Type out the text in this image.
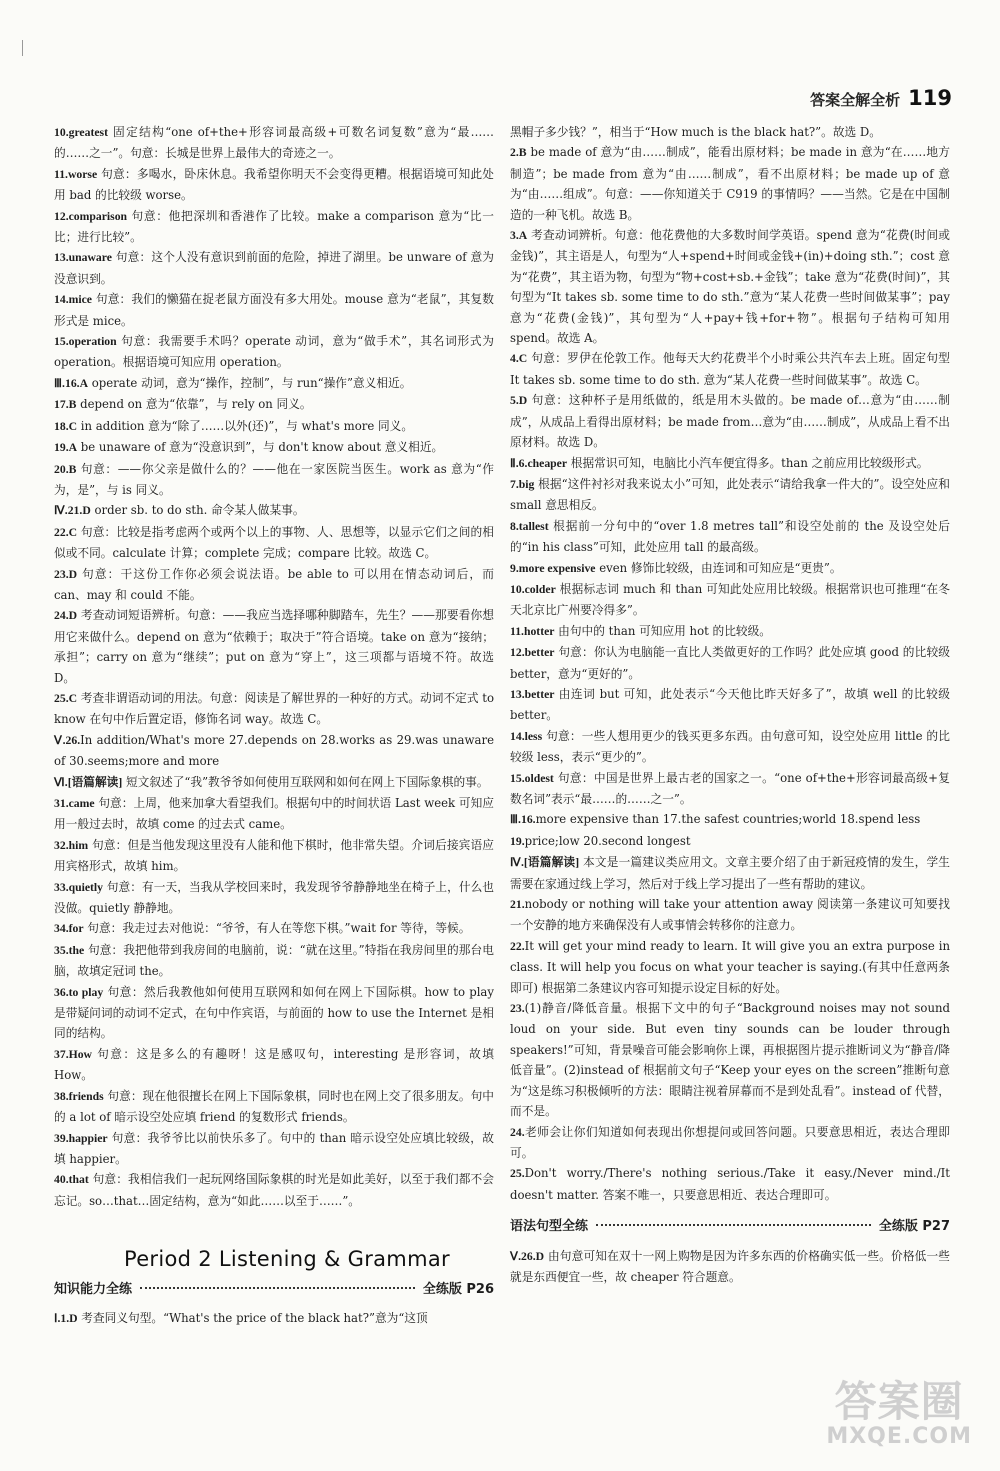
答案全解全析 119

10.greatest 固定结构“one of+the+形容词最高级+可数名词复数”意为“最……的……之一”。句意：长城是世界上最伟大的奇迹之一。

11.worse 句意：多喝水，卧床休息。我希望你明天不会变得更糟。根据语境可知此处用 bad 的比较级 worse。

12.comparison 句意：他把深圳和香港作了比较。make a comparison 意为“比一比；进行比较”。

13.unaware 句意：这个人没有意识到前面的危险，掉进了湖里。be unware of 意为没意识到。

14.mice 句意：我们的懒猫在捉老鼠方面没有多大用处。mouse 意为“老鼠”，其复数形式是 mice。

15.operation 句意：我需要手术吗？operate 动词，意为“做手术”，其名词形式为 operation。根据语境可知应用 operation。

Ⅲ.16.A operate 动词，意为“操作，控制”，与 run“操作”意义相近。

17.B depend on 意为“依靠”，与 rely on 同义。

18.C in addition 意为“除了……以外(还)”，与 what's more 同义。

19.A be unaware of 意为“没意识到”，与 don't know about 意义相近。

20.B 句意：——你父亲是做什么的？——他在一家医院当医生。work as 意为“作为，是”，与 is 同义。

Ⅳ.21.D order sb. to do sth. 命令某人做某事。

22.C 句意：比较是指考虑两个或两个以上的事物、人、思想等，以显示它们之间的相似或不同。calculate 计算；complete 完成；compare 比较。故选 C。

23.D 句意：干这份工作你必须会说法语。be able to 可以用在情态动词后，而 can、may 和 could 不能。

24.D 考查动词短语辨析。句意：——我应当选择哪种脚踏车，先生？——那要看你想用它来做什么。depend on 意为“依赖于；取决于”符合语境。take on 意为“接纳；承担”；carry on 意为“继续”；put on 意为“穿上”，这三项都与语境不符。故选 D。

25.C 考查非谓语动词的用法。句意：阅读是了解世界的一种好的方式。动词不定式 to know 在句中作后置定语，修饰名词 way。故选 C。

Ⅴ.26.In addition/What's more 27.depends on 28.works as 29.was unaware of 30.seems;more and more

Ⅵ.[语篇解读] 短文叙述了“我”教爷爷如何使用互联网和如何在网上下国际象棋的事。

31.came 句意：上周，他来加拿大看望我们。根据句中的时间状语 Last week 可知应用一般过去时，故填 come 的过去式 came。

32.him 句意：但是当他发现这里没有人能和他下棋时，他非常失望。介词后接宾语应用宾格形式，故填 him。

33.quietly 句意：有一天，当我从学校回来时，我发现爷爷静静地坐在椅子上，什么也没做。quietly 静静地。

34.for 句意：我走过去对他说：“爷爷，有人在等您下棋。”wait for 等待，等候。

35.the 句意：我把他带到我房间的电脑前，说：“就在这里。”特指在我房间里的那台电脑，故填定冠词 the。

36.to play 句意：然后我教他如何使用互联网和如何在网上下国际棋。how to play 是带疑问词的动词不定式，在句中作宾语，与前面的 how to use the Internet 是相同的结构。

37.How 句意：这是多么的有趣呀！这是感叹句，interesting 是形容词，故填 How。

38.friends 句意：现在他很擅长在网上下国际象棋，同时也在网上交了很多朋友。句中的 a lot of 暗示设空处应填 friend 的复数形式 friends。

39.happier 句意：我爷爷比以前快乐多了。句中的 than 暗示设空处应填比较级，故填 happier。

40.that 句意：我相信我们一起玩网络国际象棋的时光是如此美好，以至于我们都不会忘记。so…that…固定结构，意为“如此……以至于……”。

Period 2 Listening & Grammar
知识能力全练	全练版 P26

Ⅰ.1.D 考查同义句型。“What's the price of the black hat?”意为“这顶

黑帽子多少钱？”，相当于“How much is the black hat?”。故选 D。

2.B be made of 意为“由……制成”，能看出原材料；be made in 意为“在……地方制造”；be made from 意为“由……制成”，看不出原材料；be made up of 意为“由……组成”。句意：——你知道关于 C919 的事情吗？——当然。它是在中国制造的一种飞机。故选 B。

3.A 考查动词辨析。句意：他花费他的大多数时间学英语。spend 意为“花费(时间或金钱)”，其主语是人，句型为“人+spend+时间或金钱+(in)+doing sth.”；cost 意为“花费”，其主语为物，句型为“物+cost+sb.+金钱”；take 意为“花费(时间)”，其句型为“It takes sb. some time to do sth.”意为“某人花费一些时间做某事”；pay 意为“花费(金钱)”，其句型为“人+pay+钱+for+物”。根据句子结构可知用 spend。故选 A。

4.C 句意：罗伊在伦敦工作。他每天大约花费半个小时乘公共汽车去上班。固定句型 It takes sb. some time to do sth. 意为“某人花费一些时间做某事”。故选 C。

5.D 句意：这种杯子是用纸做的，纸是用木头做的。be made of…意为“由……制成”，从成品上看得出原材料；be made from…意为“由……制成”，从成品上看不出原材料。故选 D。

Ⅱ.6.cheaper 根据常识可知，电脑比小汽车便宜得多。than 之前应用比较级形式。

7.big 根据“这件衬衫对我来说太小”可知，此处表示“请给我拿一件大的”。设空处应和 small 意思相反。

8.tallest 根据前一分句中的“over 1.8 metres tall”和设空处前的 the 及设空处后的“in his class”可知，此处应用 tall 的最高级。

9.more expensive even 修饰比较级，由连词和可知应是“更贵”。

10.colder 根据标志词 much 和 than 可知此处应用比较级。根据常识也可推理“在冬天北京比广州要冷得多”。

11.hotter 由句中的 than 可知应用 hot 的比较级。

12.better 句意：你认为电脑能一直比人类做更好的工作吗？此处应填 good 的比较级 better，意为“更好的”。

13.better 由连词 but 可知，此处表示“今天他比昨天好多了”，故填 well 的比较级 better。

14.less 句意：一些人想用更少的钱买更多东西。由句意可知，设空处应用 little 的比较级 less，表示“更少的”。

15.oldest 句意：中国是世界上最古老的国家之一。“one of+the+形容词最高级+复数名词”表示“最……的……之一”。

Ⅲ.16.more expensive than 17.the safest countries;world 18.spend less

19.price;low 20.second longest

Ⅳ.[语篇解读] 本文是一篇建议类应用文。文章主要介绍了由于新冠疫情的发生，学生需要在家通过线上学习，然后对于线上学习提出了一些有帮助的建议。

21.nobody or nothing will take your attention away 阅读第一条建议可知要找一个安静的地方来确保没有人或事情会转移你的注意力。

22.It will get your mind ready to learn. It will give you an extra purpose in class. It will help you focus on what your teacher is saying.(有其中任意两条即可) 根据第二条建议内容可知提示设定目标的好处。

23.(1)静音/降低音量。根据下文中的句子“Background noises may not sound loud on your side. But even tiny sounds can be louder through speakers!”可知，背景噪音可能会影响你上课，再根据图片提示推断词义为“静音/降低音量”。(2)instead of 根据前文句子“Keep your eyes on the screen”推断句意为“这是练习积极倾听的方法：眼睛注视着屏幕而不是到处乱看”。instead of 代替，而不是。

24.老师会让你们知道如何表现出你想提问或回答问题。只要意思相近，表达合理即可。

25.Don't worry./There's nothing serious./Take it easy./Never mind./It doesn't matter. 答案不唯一，只要意思相近、表达合理即可。

语法句型全练	全练版 P27

Ⅴ.26.D 由句意可知在双十一网上购物是因为许多东西的价格确实低一些。价格低一些就是东西便宜一些，故 cheaper 符合题意。

答案圈
MXQE.COM
